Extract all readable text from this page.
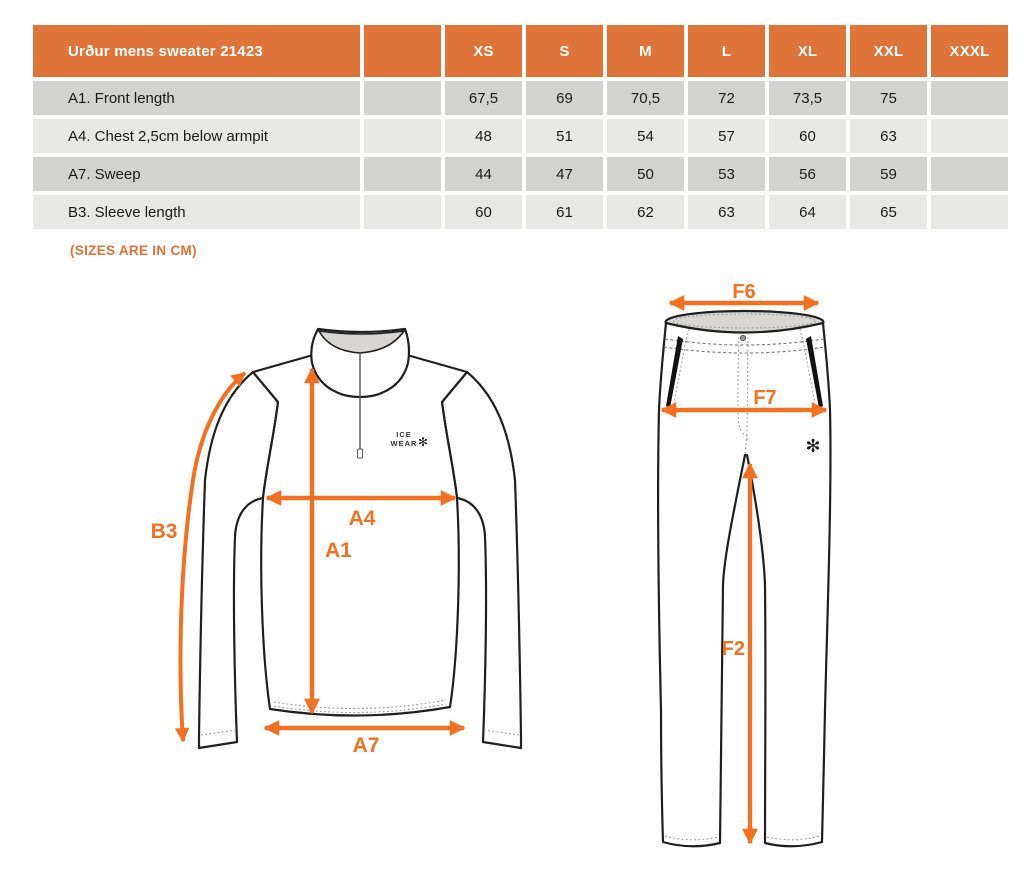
Urður mens sweater 21423	XS	S	M	L	XL	XXL	XXXL
A1. Front length	67,5	69	70,5	72	73,5	75
A4. Chest 2,5cm below armpit	48	51	54	57	60	63
A7. Sweep	44	47	50	53	56	59
B3. Sleeve length	60	61	62	63	64	65
(SIZES ARE IN CM)
ICE
WEAR ✻
B3
A4
A1
A7
✻
F6
F7
F2
